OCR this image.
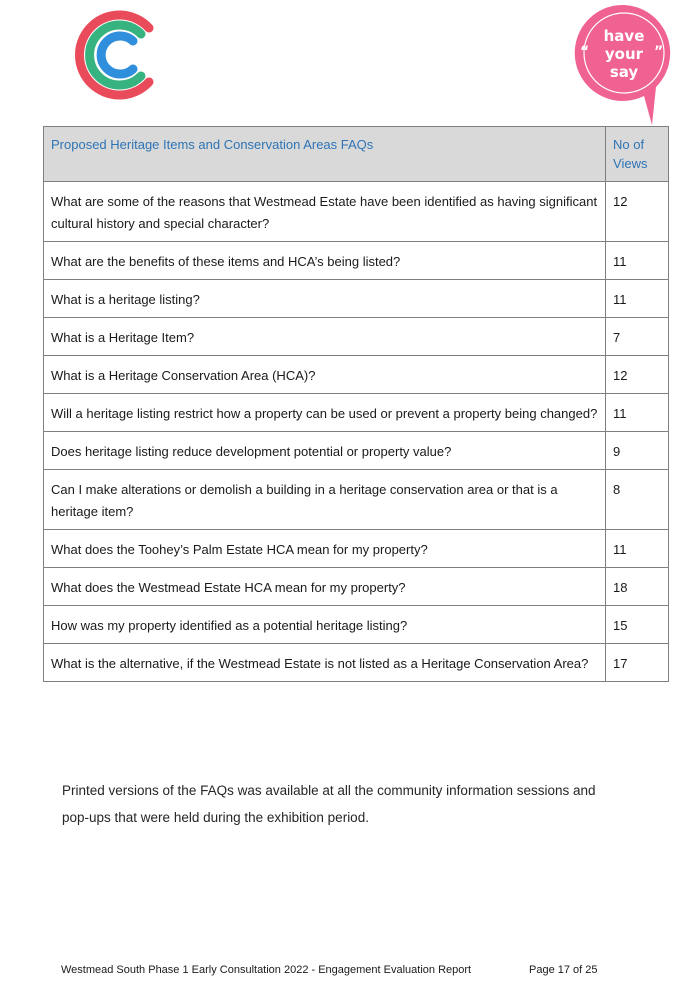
“	”
have
your
say
Proposed Heritage Items and Conservation Areas FAQs	No of Views
What are some of the reasons that Westmead Estate have been identified as having significant cultural history and special character?	12
What are the benefits of these items and HCA’s being listed?	11
What is a heritage listing?	11
What is a Heritage Item?	7
What is a Heritage Conservation Area (HCA)?	12
Will a heritage listing restrict how a property can be used or prevent a property being changed?	11
Does heritage listing reduce development potential or property value?	9
Can I make alterations or demolish a building in a heritage conservation area or that is a heritage item?	8
What does the Toohey’s Palm Estate HCA mean for my property?	11
What does the Westmead Estate HCA mean for my property?	18
How was my property identified as a potential heritage listing?	15
What is the alternative, if the Westmead Estate is not listed as a Heritage Conservation Area?	17

Printed versions of the FAQs was available at all the community information sessions and pop-ups that were held during the exhibition period.

Westmead South Phase 1 Early Consultation 2022 - Engagement Evaluation Report	Page 17 of 25
